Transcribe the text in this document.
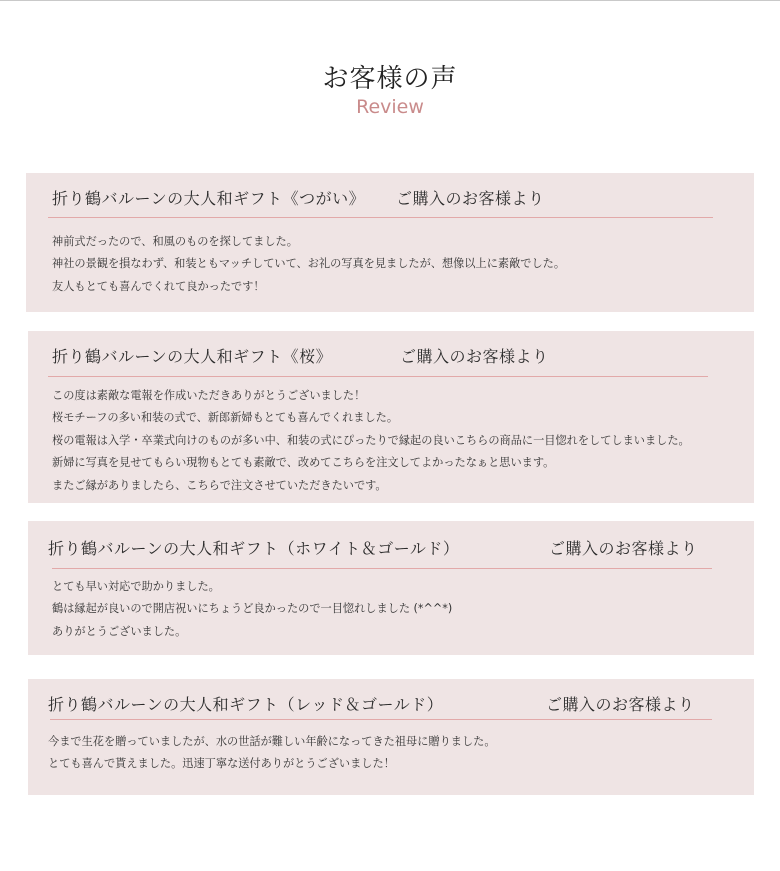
お客様の声
Review
折り鶴バルーンの大人和ギフト《つがい》 ご購入のお客様より

神前式だったので、和風のものを探してました。

神社の景観を損なわず、和装ともマッチしていて、お礼の写真を見ましたが、想像以上に素敵でした。

友人もとても喜んでくれて良かったです！

折り鶴バルーンの大人和ギフト《桜》	ご購入のお客様より

この度は素敵な電報を作成いただきありがとうございました！

桜モチーフの多い和装の式で、新郎新婦もとても喜んでくれました。

桜の電報は入学・卒業式向けのものが多い中、和装の式にぴったりで縁起の良いこちらの商品に一目惚れをしてしまいました。

新婦に写真を見せてもらい現物もとても素敵で、改めてこちらを注文してよかったなぁと思います。

またご縁がありましたら、こちらで注文させていただきたいです。

折り鶴バルーンの大人和ギフト（ホワイト＆ゴールド）	ご購入のお客様より

とても早い対応で助かりました。

鶴は縁起が良いので開店祝いにちょうど良かったので一目惚れしました (*^^*)

ありがとうございました。

折り鶴バルーンの大人和ギフト（レッド＆ゴールド）	ご購入のお客様より

今まで生花を贈っていましたが、水の世話が難しい年齢になってきた祖母に贈りました。

とても喜んで貰えました。迅速丁寧な送付ありがとうございました！
